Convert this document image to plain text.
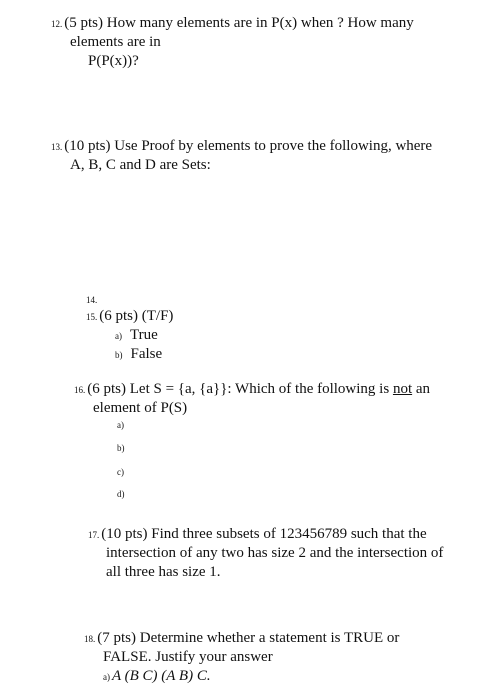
12. (5 pts) How many elements are in P(x) when ? How many
elements are in
P(P(x))?
13. (10 pts) Use Proof by elements to prove the following, where
A, B, C and D are Sets:
14.
15. (6 pts) (T/F)
a) True
b) False
16. (6 pts) Let S = {a, {a}}: Which of the following is not an
element of P(S)
a)
b)
c)
d)
17. (10 pts) Find three subsets of 123456789 such that the
intersection of any two has size 2 and the intersection of
all three has size 1.
18. (7 pts) Determine whether a statement is TRUE or
FALSE. Justify your answer
a) A (B C) (A B) C.
